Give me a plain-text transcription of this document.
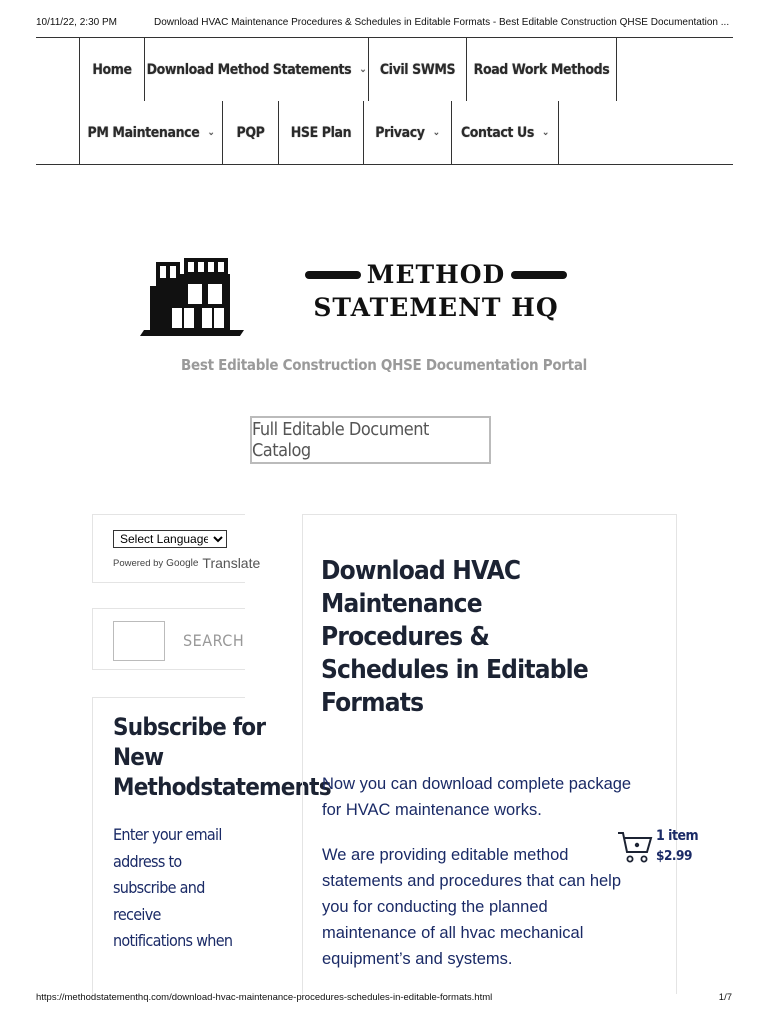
10/11/22, 2:30 PM	Download HVAC Maintenance Procedures & Schedules in Editable Formats - Best Editable Construction QHSE Documentation ...
Home Download Method Statements ⌄ Civil SWMS Road Work Methods
PM Maintenance ⌄ PQP HSE Plan Privacy ⌄ Contact Us ⌄
METHOD
STATEMENT HQ
Best Editable Construction QHSE Documentation Portal
Full Editable Document Catalog
Select Language
Powered by Google Translate
SEARCH
Subscribe for New Methodstatements
Enter your email address to subscribe and receive notifications when
Download HVAC Maintenance Procedures & Schedules in Editable Formats

Now you can download complete package for HVAC maintenance works.

We are providing editable method statements and procedures that can help you for conducting the planned maintenance of all hvac mechanical equipment’s and systems.

1 item
$2.99
https://methodstatementhq.com/download-hvac-maintenance-procedures-schedules-in-editable-formats.html	1/7
